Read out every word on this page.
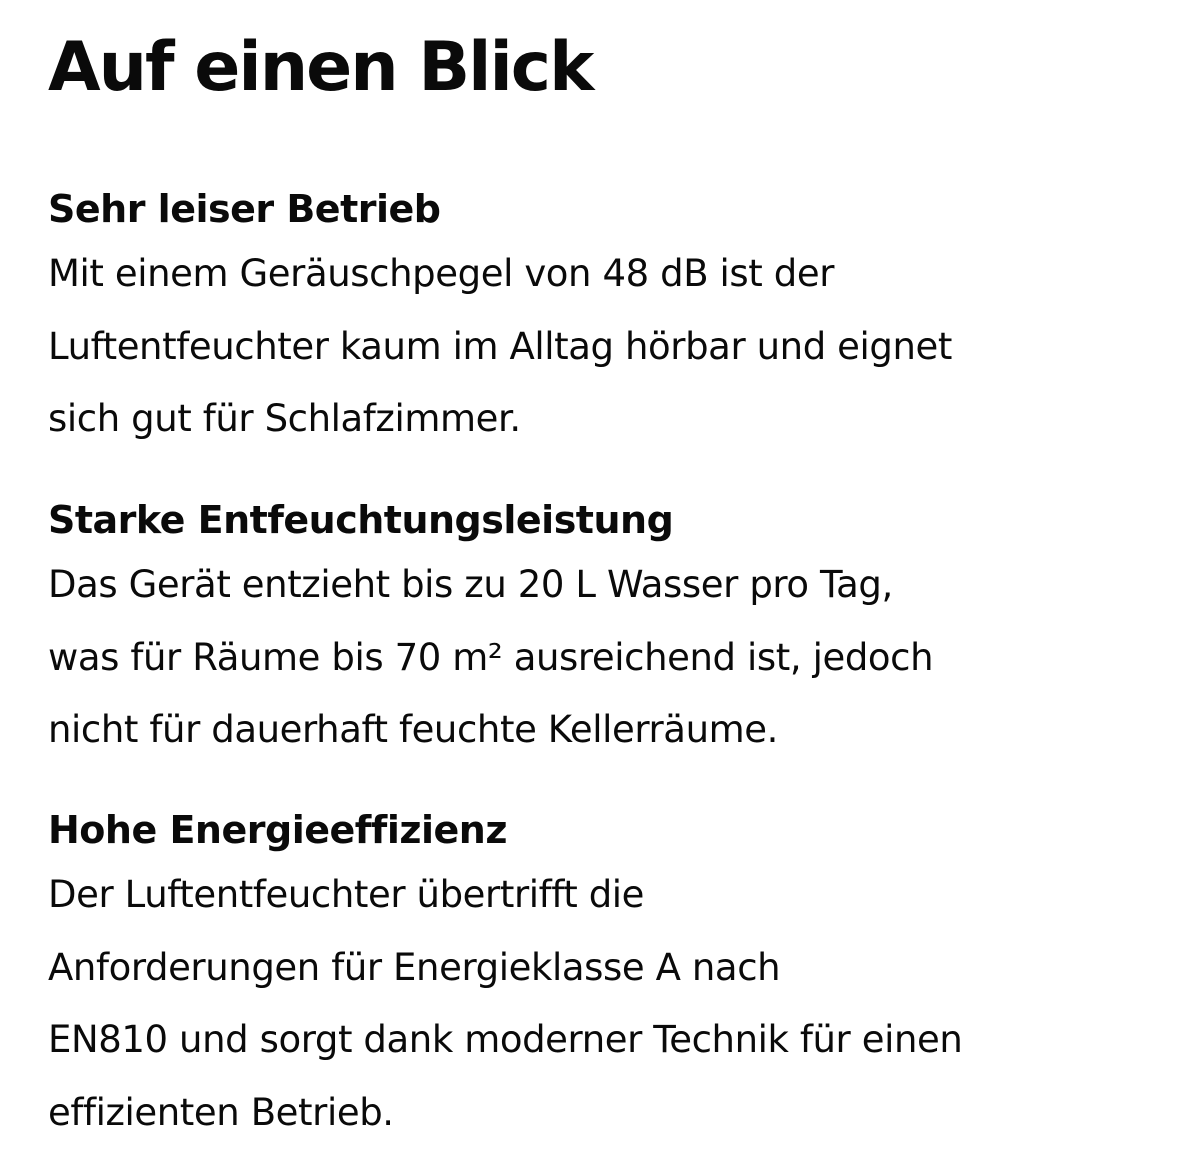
Auf einen Blick
Sehr leiser Betrieb

Mit einem Geräuschpegel von 48 dB ist der
Luftentfeuchter kaum im Alltag hörbar und eignet
sich gut für Schlafzimmer.

Starke Entfeuchtungsleistung

Das Gerät entzieht bis zu 20 L Wasser pro Tag,
was für Räume bis 70 m² ausreichend ist, jedoch
nicht für dauerhaft feuchte Kellerräume.

Hohe Energieeffizienz

Der Luftentfeuchter übertrifft die
Anforderungen für Energieklasse A nach
EN810 und sorgt dank moderner Technik für einen
effizienten Betrieb.
